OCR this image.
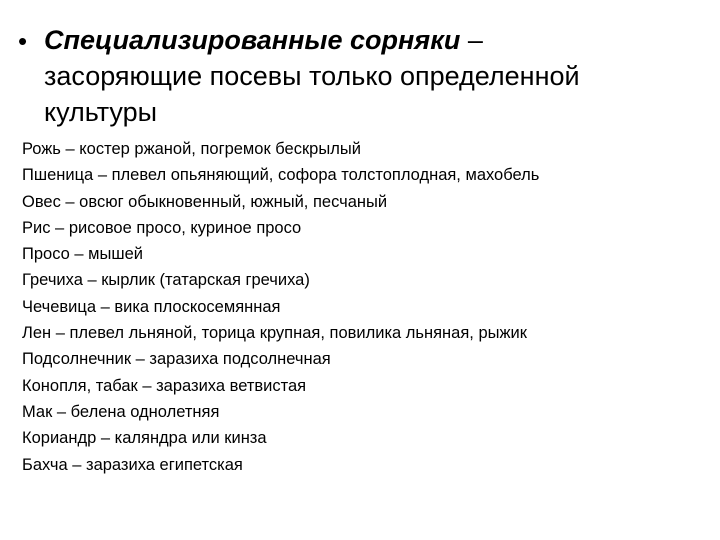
• Специализированные сорняки –
засоряющие посевы только определенной культуры
Рожь – костер ржаной, погремок бескрылый
Пшеница – плевел опьяняющий, софора толстоплодная, махобель
Овес – овсюг обыкновенный, южный, песчаный
Рис – рисовое просо, куриное просо
Просо – мышей
Гречиха – кырлик (татарская гречиха)
Чечевица – вика плоскосемянная
Лен – плевел льняной, торица крупная, повилика льняная, рыжик
Подсолнечник – заразиха подсолнечная
Конопля, табак – заразиха ветвистая
Мак – белена однолетняя
Кориандр – каляндра или кинза
Бахча – заразиха египетская
